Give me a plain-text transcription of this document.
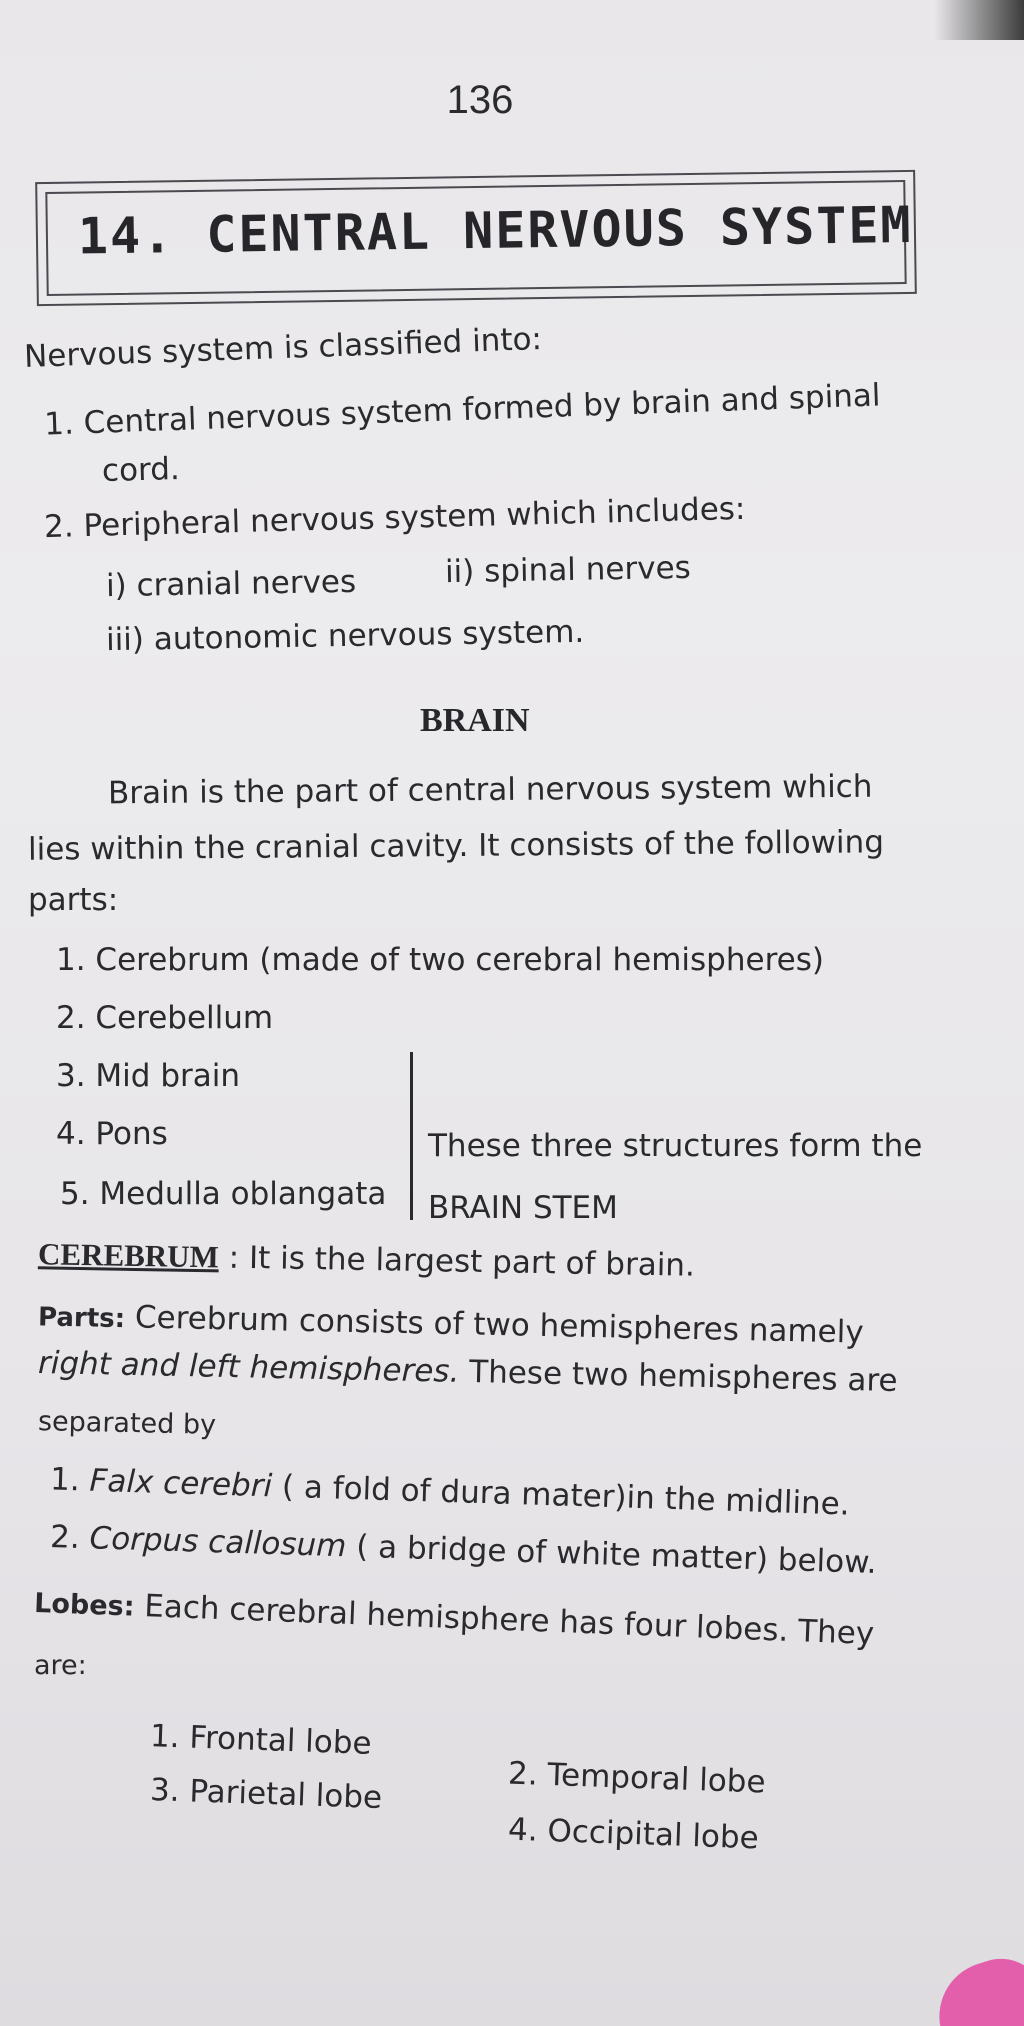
136
14. CENTRAL NERVOUS SYSTEM
Nervous system is classified into:
1. Central nervous system formed by brain and spinal
cord.
2. Peripheral nervous system which includes:
i) cranial nerves	ii) spinal nerves
iii) autonomic nervous system.
BRAIN
Brain is the part of central nervous system which
lies within the cranial cavity. It consists of the following
parts:
1. Cerebrum (made of two cerebral hemispheres)
2. Cerebellum
3. Mid brain
4. Pons
5. Medulla oblangata
These three structures form the
BRAIN STEM
CEREBRUM : It is the largest part of brain.
Parts: Cerebrum consists of two hemispheres namely
right and left hemispheres. These two hemispheres are
separated by
1. Falx cerebri ( a fold of dura mater)in the midline.
2. Corpus callosum ( a bridge of white matter) below.
Lobes: Each cerebral hemisphere has four lobes. They
are:
1. Frontal lobe
2. Temporal lobe
3. Parietal lobe
4. Occipital lobe
